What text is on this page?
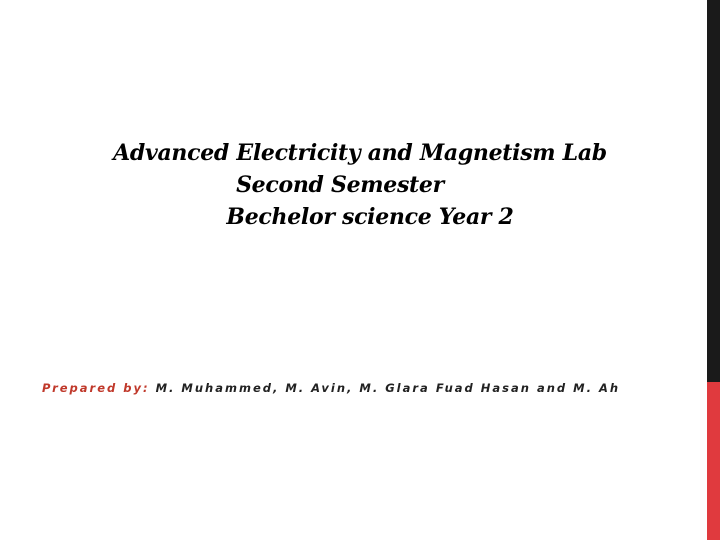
Advanced Electricity and Magnetism Lab
Second Semester
Bechelor science Year 2
Prepared by: M. Muhammed, M. Avin, M. Glara Fuad Hasan and M. Ah
